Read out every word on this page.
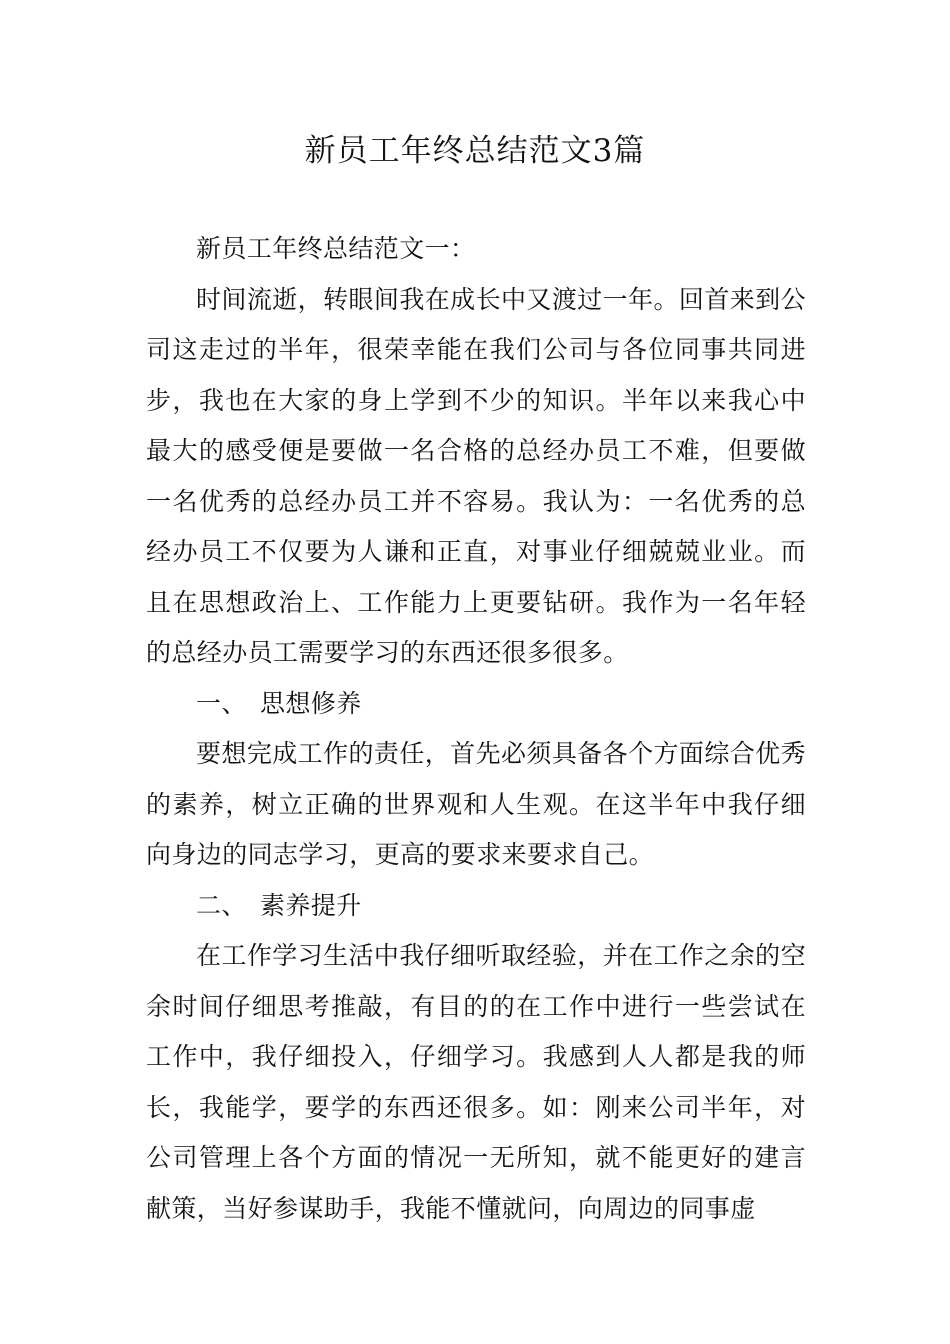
新员工年终总结范文3篇

新员工年终总结范文一：

时间流逝，转眼间我在成长中又渡过一年。回首来到公司这走过的半年，很荣幸能在我们公司与各位同事共同进步，我也在大家的身上学到不少的知识。半年以来我心中最大的感受便是要做一名合格的总经办员工不难，但要做一名优秀的总经办员工并不容易。我认为：一名优秀的总经办员工不仅要为人谦和正直，对事业仔细兢兢业业。而且在思想政治上、工作能力上更要钻研。我作为一名年轻的总经办员工需要学习的东西还很多很多。

一、 思想修养

要想完成工作的责任，首先必须具备各个方面综合优秀的素养，树立正确的世界观和人生观。在这半年中我仔细向身边的同志学习，更高的要求来要求自己。

二、 素养提升

在工作学习生活中我仔细听取经验，并在工作之余的空余时间仔细思考推敲，有目的的在工作中进行一些尝试在工作中，我仔细投入，仔细学习。我感到人人都是我的师长，我能学，要学的东西还很多。如：刚来公司半年，对公司管理上各个方面的情况一无所知，就不能更好的建言献策，当好参谋助手，我能不懂就问，向周边的同事虚
